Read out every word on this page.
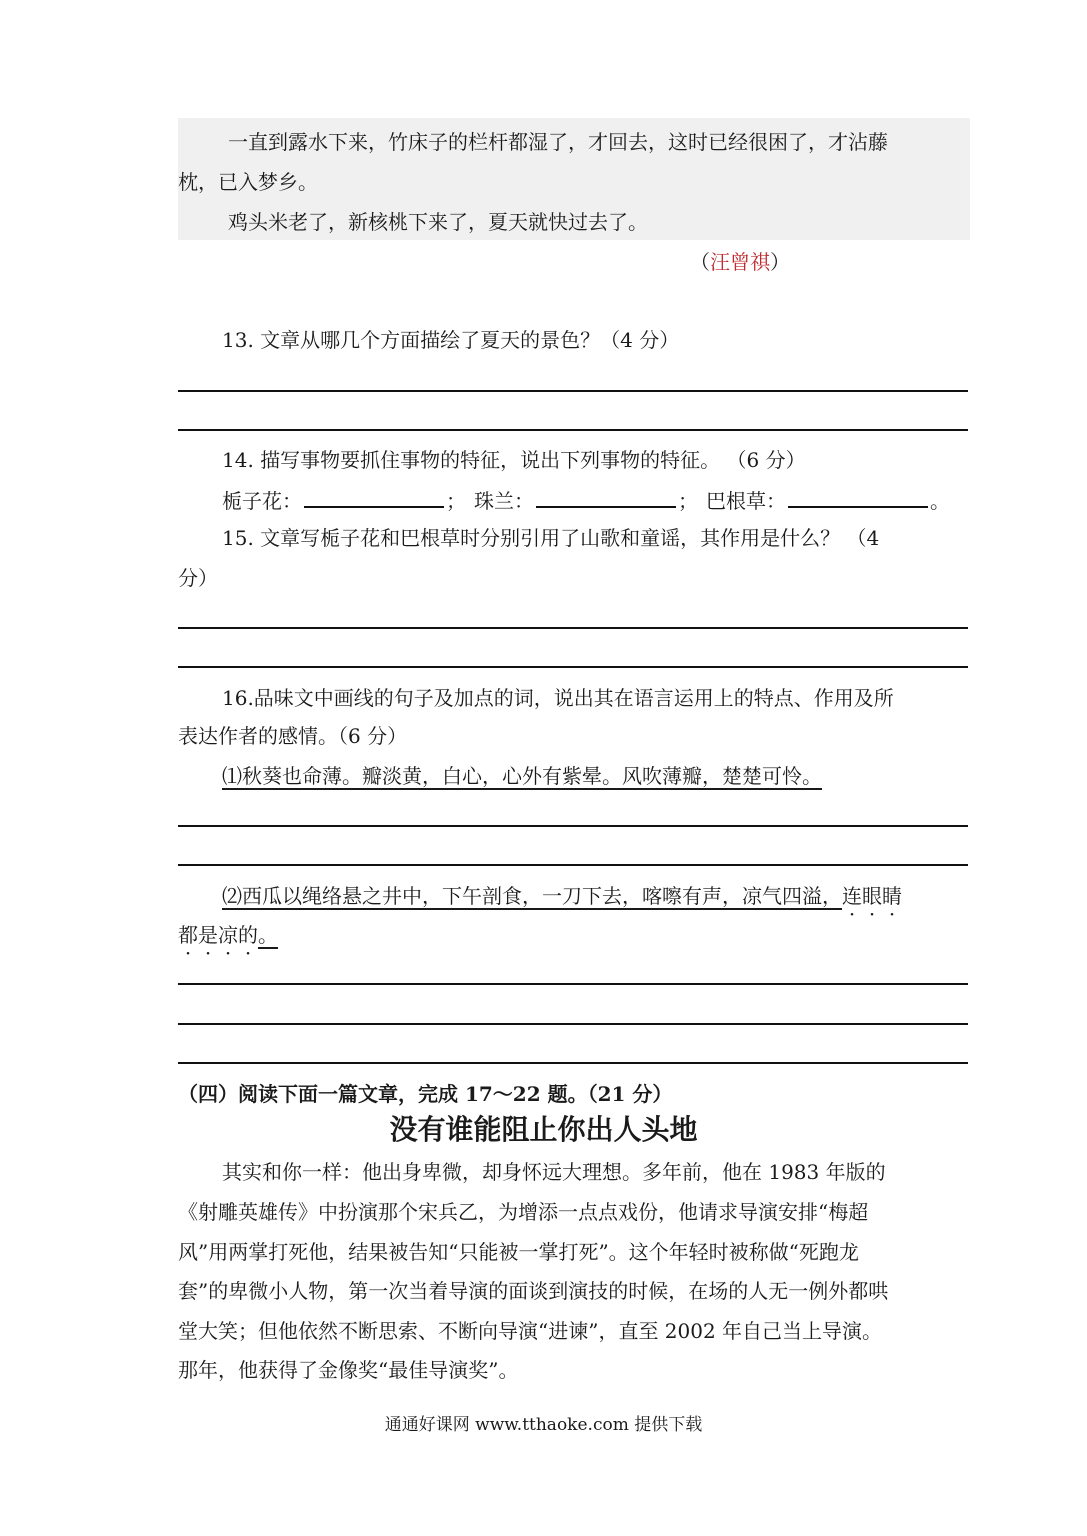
一直到露水下来，竹床子的栏杆都湿了，才回去，这时已经很困了，才沾藤
枕，已入梦乡。
鸡头米老了，新核桃下来了，夏天就快过去了。
（汪曾祺）
13. 文章从哪几个方面描绘了夏天的景色？（4 分）
14. 描写事物要抓住事物的特征，说出下列事物的特征。 （6 分）
栀子花：	； 珠兰：	； 巴根草：	。
15. 文章写栀子花和巴根草时分别引用了山歌和童谣，其作用是什么？ （4
分）
16.品味文中画线的句子及加点的词，说出其在语言运用上的特点、作用及所
表达作者的感情。（6 分）
⑴秋葵也命薄。瓣淡黄，白心，心外有紫晕。风吹薄瓣，楚楚可怜。
⑵西瓜以绳络悬之井中，下午剖食，一刀下去，喀嚓有声，凉气四溢，连眼睛
都是凉的。
（四）阅读下面一篇文章，完成 17～22 题。（21 分）
没有谁能阻止你出人头地
其实和你一样：他出身卑微，却身怀远大理想。多年前，他在 1983 年版的
《射雕英雄传》中扮演那个宋兵乙，为增添一点点戏份，他请求导演安排“梅超
风”用两掌打死他，结果被告知“只能被一掌打死”。这个年轻时被称做“死跑龙
套”的卑微小人物，第一次当着导演的面谈到演技的时候，在场的人无一例外都哄
堂大笑；但他依然不断思索、不断向导演“进谏”，直至 2002 年自己当上导演。
那年，他获得了金像奖“最佳导演奖”。
通通好课网 www.tthaoke.com 提供下载
